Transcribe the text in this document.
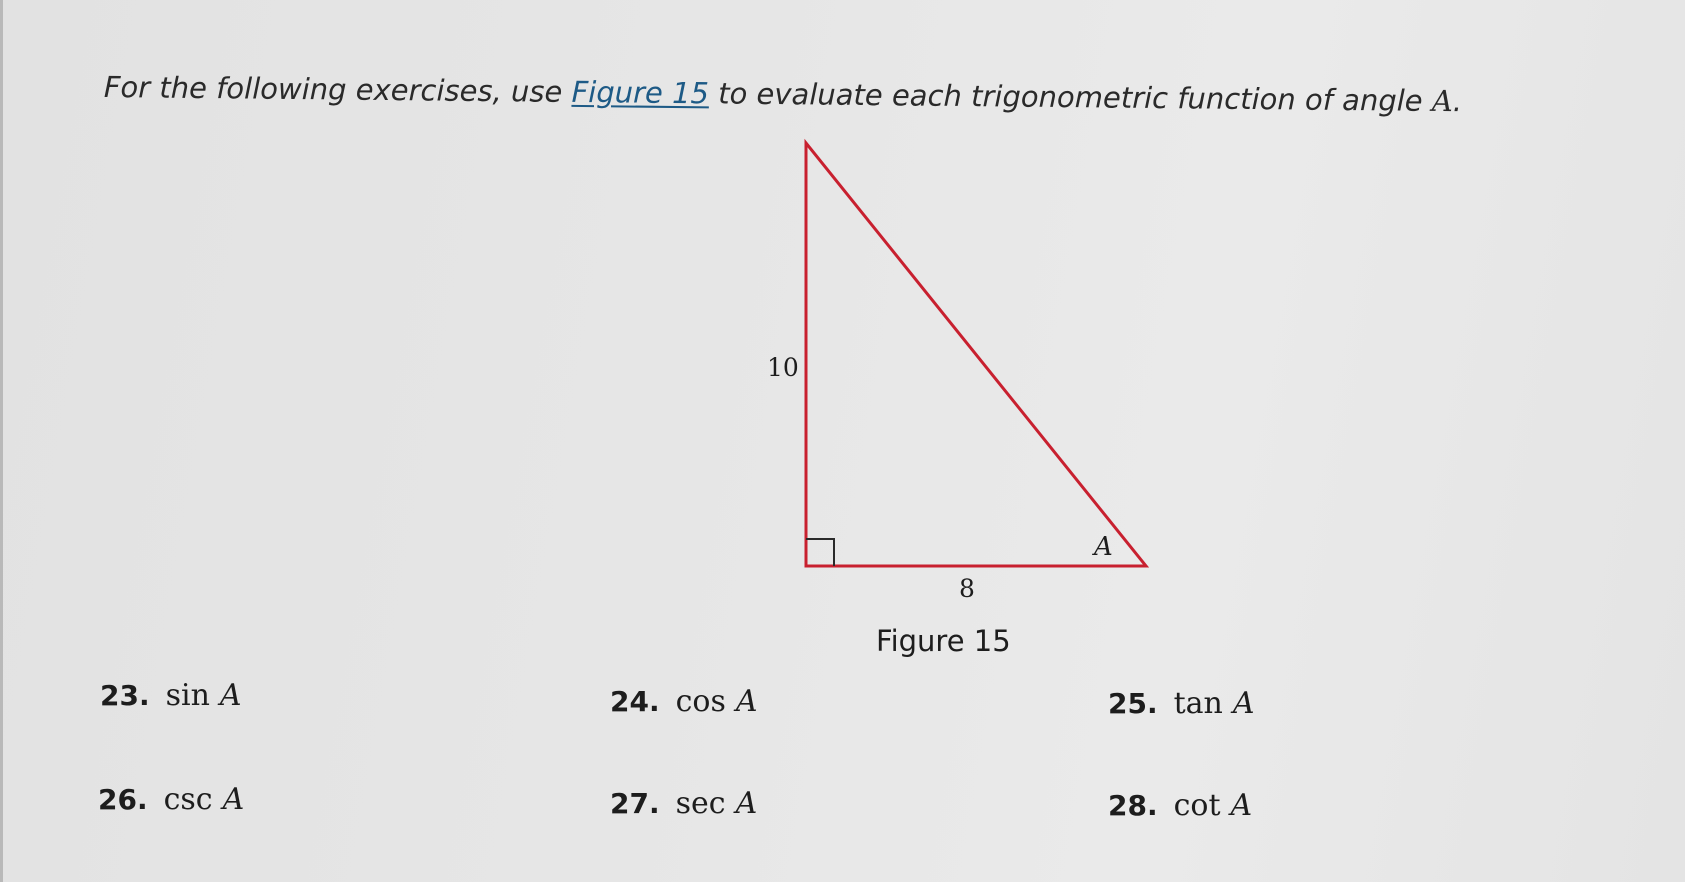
For the following exercises, use Figure 15 to evaluate each trigonometric function of angle A.
10
8
A
Figure 15
23. sin A	24. cos A	25. tan A
26. csc A	27. sec A	28. cot A
